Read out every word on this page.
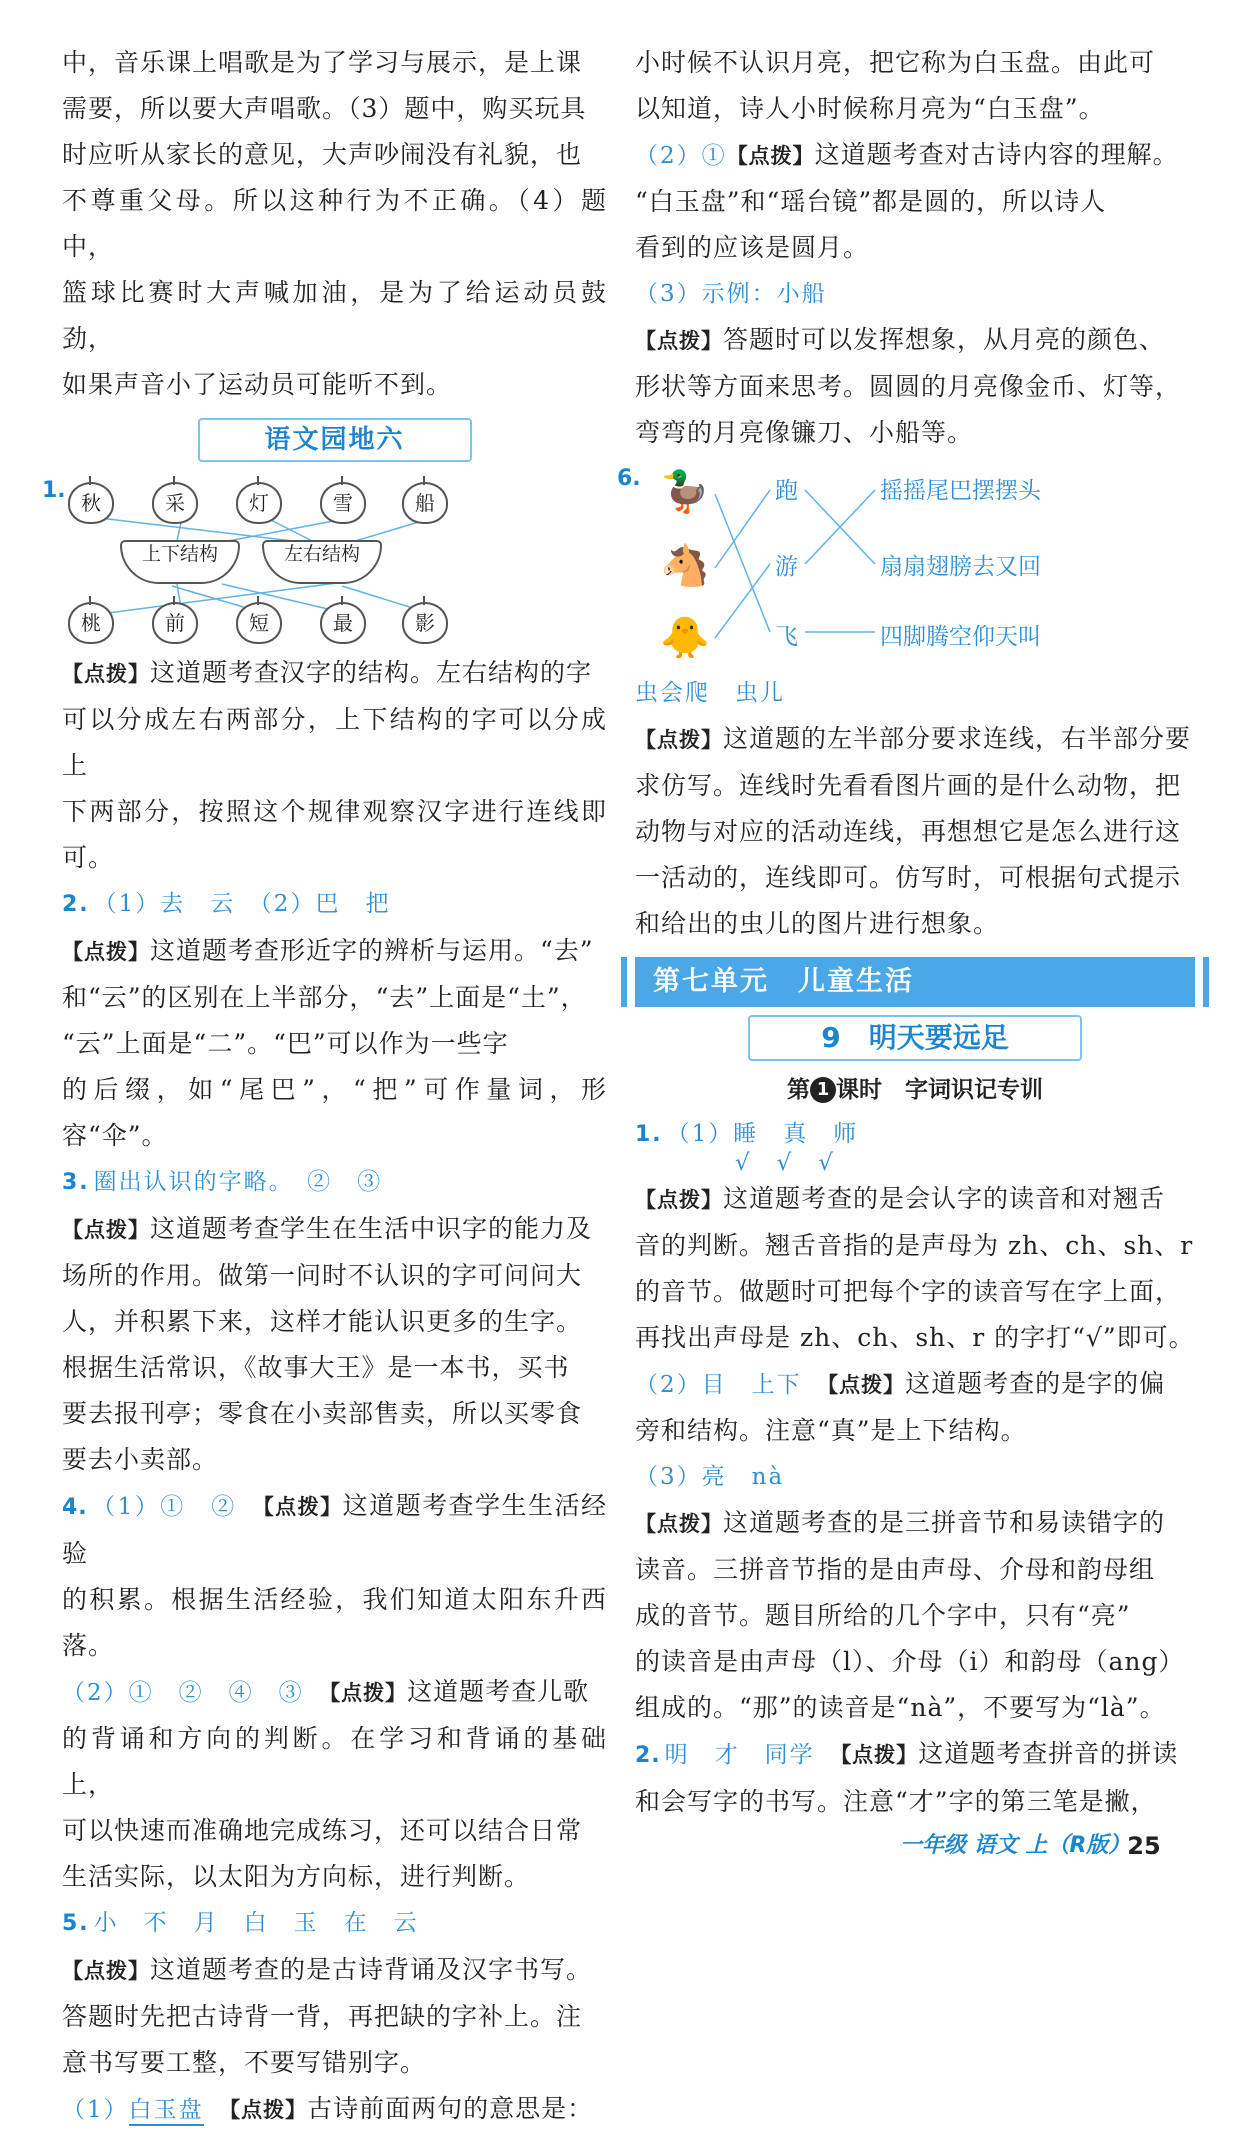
中，音乐课上唱歌是为了学习与展示，是上课

需要，所以要大声唱歌。（3）题中，购买玩具

时应听从家长的意见，大声吵闹没有礼貌，也

不尊重父母。所以这种行为不正确。（4）题中，

篮球比赛时大声喊加油，是为了给运动员鼓劲，

如果声音小了运动员可能听不到。

语文园地六
1. 秋	采	灯	雪	船
上下结构	左右结构
桃	前	短	最	影

【点拨】这道题考查汉字的结构。左右结构的字

可以分成左右两部分，上下结构的字可以分成上

下两部分，按照这个规律观察汉字进行连线即可。

2. （1）去　云　（2）巴　把

【点拨】这道题考查形近字的辨析与运用。“去”

和“云”的区别在上半部分，“去”上面是“土”，

“云”上面是“二”。“巴”可以作为一些字

的后缀，如“尾巴”，“把”可作量词，形容“伞”。

3. 圈出认识的字略。　②　③

【点拨】这道题考查学生在生活中识字的能力及

场所的作用。做第一问时不认识的字可问问大

人，并积累下来，这样才能认识更多的生字。

根据生活常识，《故事大王》是一本书，买书

要去报刊亭；零食在小卖部售卖，所以买零食

要去小卖部。

4. （1）①　②　 【点拨】这道题考查学生生活经验

的积累。根据生活经验，我们知道太阳东升西落。

（2）①　②　④　③　 【点拨】这道题考查儿歌

的背诵和方向的判断。在学习和背诵的基础上，

可以快速而准确地完成练习，还可以结合日常

生活实际，以太阳为方向标，进行判断。

5. 小　不　月　白　玉　在　云

【点拨】这道题考查的是古诗背诵及汉字书写。

答题时先把古诗背一背，再把缺的字补上。注

意书写要工整，不要写错别字。

（1）白玉盘　 【点拨】古诗前面两句的意思是：

小时候不认识月亮，把它称为白玉盘。由此可

以知道，诗人小时候称月亮为“白玉盘”。

（2）①【点拨】这道题考查对古诗内容的理解。

“白玉盘”和“瑶台镜”都是圆的，所以诗人

看到的应该是圆月。

（3）示例：小船

【点拨】答题时可以发挥想象，从月亮的颜色、

形状等方面来思考。圆圆的月亮像金币、灯等，

弯弯的月亮像镰刀、小船等。

6. 🦆
🐴
🐥
跑
游
飞
摇摇尾巴摆摆头
扇扇翅膀去又回
四脚腾空仰天叫

虫会爬　虫儿

【点拨】这道题的左半部分要求连线，右半部分要

求仿写。连线时先看看图片画的是什么动物，把

动物与对应的活动连线，再想想它是怎么进行这

一活动的，连线即可。仿写时，可根据句式提示

和给出的虫儿的图片进行想象。

第七单元　儿童生活
9　明天要远足

第 1 课时　字词识记专训

1. （1）睡　真　师

√　√　√

【点拨】这道题考查的是会认字的读音和对翘舌

音的判断。翘舌音指的是声母为 zh、ch、sh、r

的音节。做题时可把每个字的读音写在字上面，

再找出声母是 zh、ch、sh、r 的字打“√”即可。

（2）目　上下　 【点拨】这道题考查的是字的偏

旁和结构。注意“真”是上下结构。

（3）亮　nà

【点拨】这道题考查的是三拼音节和易读错字的

读音。三拼音节指的是由声母、介母和韵母组

成的音节。题目所给的几个字中，只有“亮”

的读音是由声母（l）、介母（i）和韵母（ang）

组成的。“那”的读音是“nà”，不要写为“là”。

2. 明　才　同学　 【点拨】这道题考查拼音的拼读

和会写字的书写。注意“才”字的第三笔是撇，

一年级 语文 上（R版）
25
